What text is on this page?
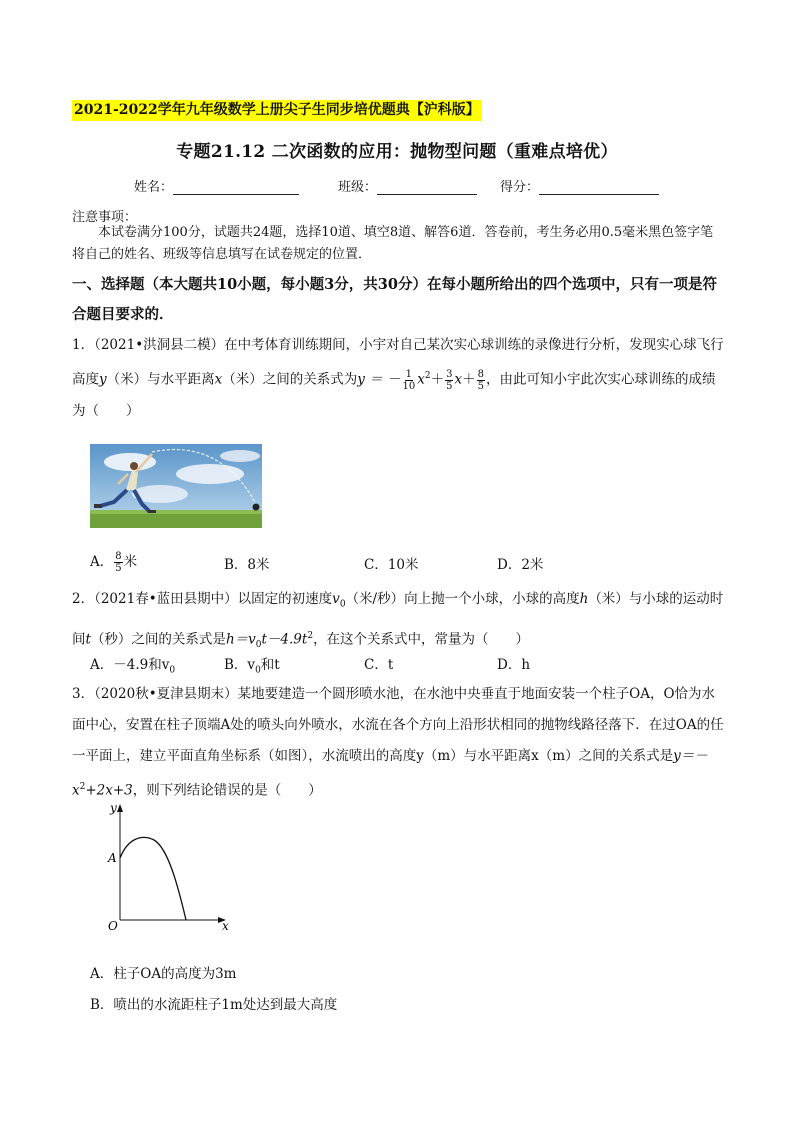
2021-2022学年九年级数学上册尖子生同步培优题典【沪科版】
专题21.12 二次函数的应用：抛物型问题（重难点培优）
姓名：	班级：	得分：
注意事项：
本试卷满分100分，试题共24题，选择10道、填空8道、解答6道．答卷前，考生务必用0.5毫米黑色签字笔将自己的姓名、班级等信息填写在试卷规定的位置．
一、选择题（本大题共10小题，每小题3分，共30分）在每小题所给出的四个选项中，只有一项是符合题目要求的．
1．（2021•洪洞县二模）在中考体育训练期间，小宇对自己某次实心球训练的录像进行分析，发现实心球飞行高度y（米）与水平距离x（米）之间的关系式为y ＝ － $\frac{1}{10} x^2+ \frac{3}{5} x+ \frac{8}{5}$ ，由此可知小宇此次实心球训练的成绩为（　　）
A． $\frac{8}{5}$ 米	B．8米	C．10米	D．2米
2．（2021春•蓝田县期中）以固定的初速度$v_0$（米/秒）向上抛一个小球，小球的高度h（米）与小球的运动时间t（秒）之间的关系式是$h=v_0t-4.9t^2$，在这个关系式中，常量为（　　）
A．－4.9和$v_0$	B．$v_0$和t	C．t	D．h
3．（2020秋•夏津县期末）某地要建造一个圆形喷水池，在水池中央垂直于地面安装一个柱子OA，O恰为水面中心，安置在柱子顶端A处的喷头向外喷水，水流在各个方向上沿形状相同的抛物线路径落下．在过OA的任一平面上，建立平面直角坐标系（如图），水流喷出的高度y（m）与水平距离x（m）之间的关系式是$y=-x^2+2x+3$，则下列结论错误的是（　　）
y
x
O
A
A．柱子OA的高度为3m
B．喷出的水流距柱子1m处达到最大高度
